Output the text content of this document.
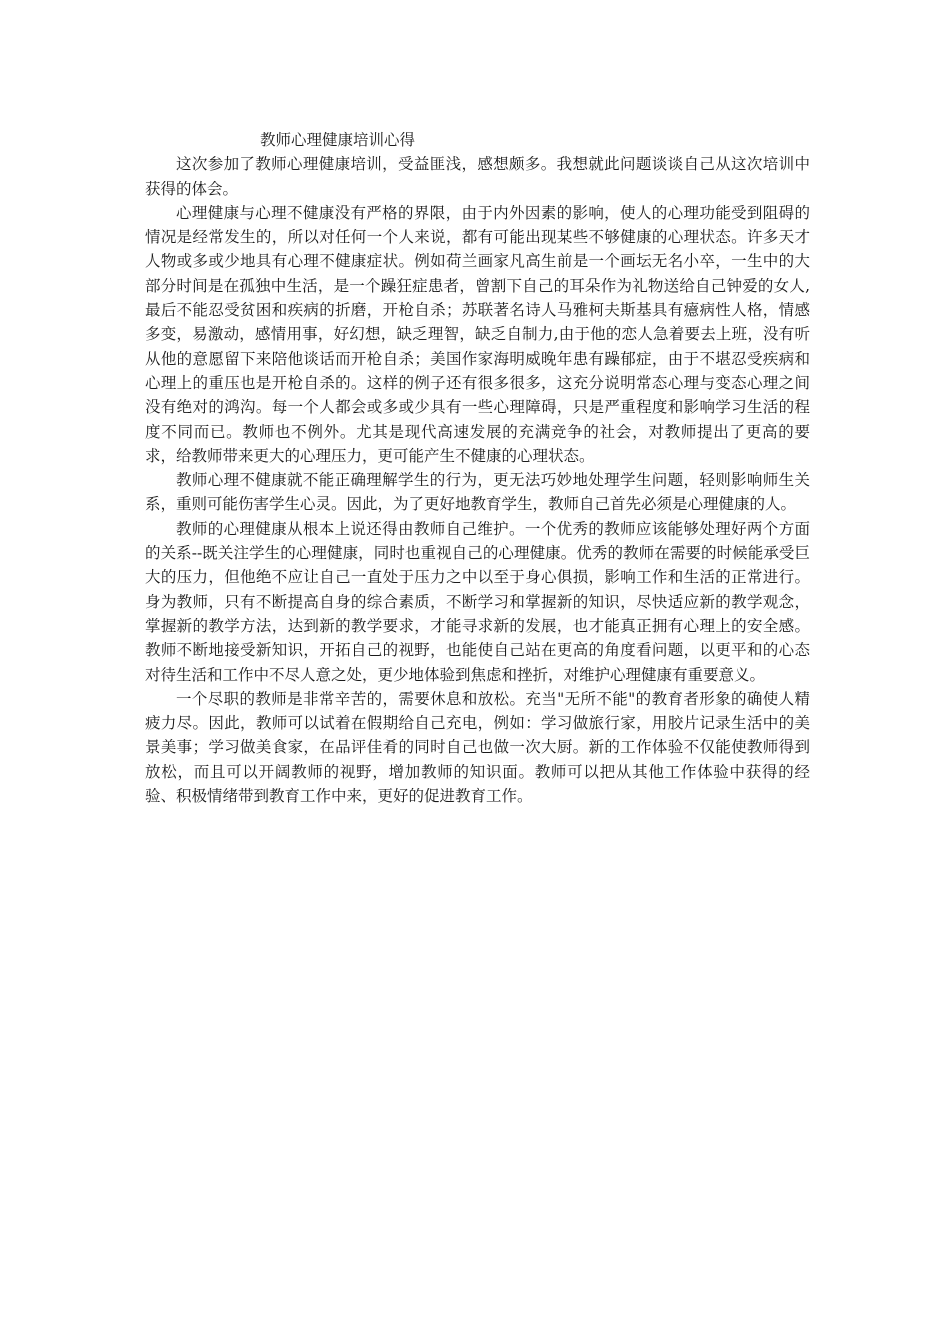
教师心理健康培训心得

这次参加了教师心理健康培训，受益匪浅，感想颇多。我想就此问题谈谈自己从这次培训中获得的体会。

心理健康与心理不健康没有严格的界限，由于内外因素的影响，使人的心理功能受到阻碍的情况是经常发生的，所以对任何一个人来说，都有可能出现某些不够健康的心理状态。许多天才人物或多或少地具有心理不健康症状。例如荷兰画家凡高生前是一个画坛无名小卒，一生中的大部分时间是在孤独中生活，是一个躁狂症患者，曾割下自己的耳朵作为礼物送给自己钟爱的女人,最后不能忍受贫困和疾病的折磨，开枪自杀；苏联著名诗人马雅柯夫斯基具有癔病性人格，情感多变，易激动，感情用事，好幻想，缺乏理智，缺乏自制力,由于他的恋人急着要去上班，没有听从他的意愿留下来陪他谈话而开枪自杀；美国作家海明威晚年患有躁郁症，由于不堪忍受疾病和心理上的重压也是开枪自杀的。这样的例子还有很多很多，这充分说明常态心理与变态心理之间没有绝对的鸿沟。每一个人都会或多或少具有一些心理障碍，只是严重程度和影响学习生活的程度不同而已。教师也不例外。尤其是现代高速发展的充满竞争的社会，对教师提出了更高的要求，给教师带来更大的心理压力，更可能产生不健康的心理状态。

教师心理不健康就不能正确理解学生的行为，更无法巧妙地处理学生问题，轻则影响师生关系，重则可能伤害学生心灵。因此，为了更好地教育学生，教师自己首先必须是心理健康的人。

教师的心理健康从根本上说还得由教师自己维护。一个优秀的教师应该能够处理好两个方面的关系--既关注学生的心理健康，同时也重视自己的心理健康。优秀的教师在需要的时候能承受巨大的压力，但他绝不应让自己一直处于压力之中以至于身心俱损，影响工作和生活的正常进行。身为教师，只有不断提高自身的综合素质，不断学习和掌握新的知识，尽快适应新的教学观念，掌握新的教学方法，达到新的教学要求，才能寻求新的发展，也才能真正拥有心理上的安全感。教师不断地接受新知识，开拓自己的视野，也能使自己站在更高的角度看问题，以更平和的心态对待生活和工作中不尽人意之处，更少地体验到焦虑和挫折，对维护心理健康有重要意义。

一个尽职的教师是非常辛苦的，需要休息和放松。充当"无所不能"的教育者形象的确使人精疲力尽。因此，教师可以试着在假期给自己充电，例如：学习做旅行家，用胶片记录生活中的美景美事；学习做美食家，在品评佳肴的同时自己也做一次大厨。新的工作体验不仅能使教师得到放松，而且可以开阔教师的视野，增加教师的知识面。教师可以把从其他工作体验中获得的经验、积极情绪带到教育工作中来，更好的促进教育工作。
